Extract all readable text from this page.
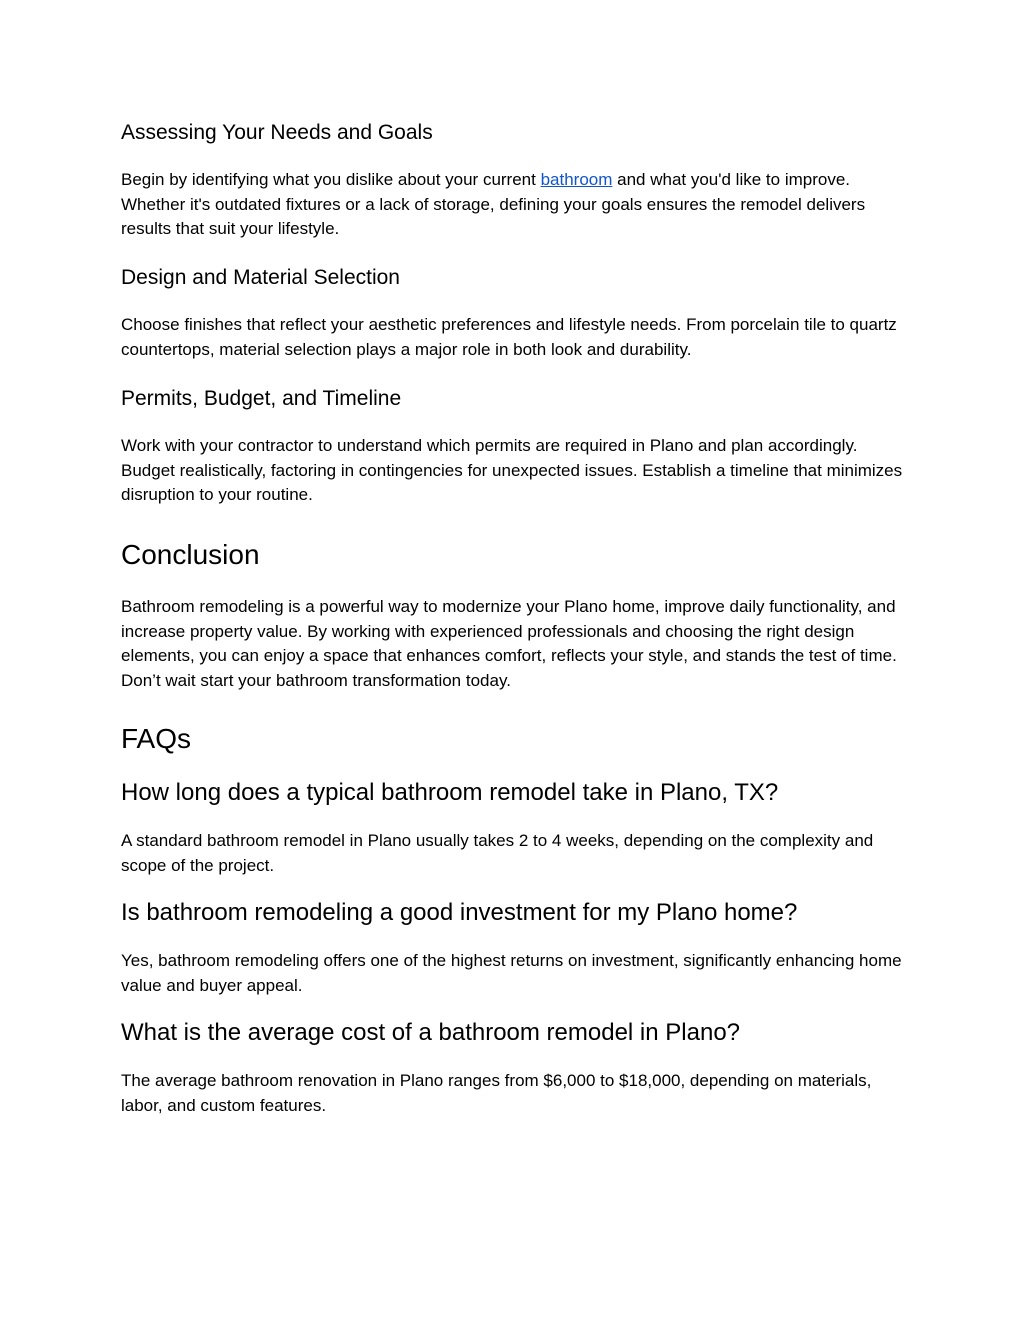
Assessing Your Needs and Goals

Begin by identifying what you dislike about your current bathroom and what you'd like to improve. Whether it's outdated fixtures or a lack of storage, defining your goals ensures the remodel delivers results that suit your lifestyle.

Design and Material Selection

Choose finishes that reflect your aesthetic preferences and lifestyle needs. From porcelain tile to quartz countertops, material selection plays a major role in both look and durability.

Permits, Budget, and Timeline

Work with your contractor to understand which permits are required in Plano and plan accordingly. Budget realistically, factoring in contingencies for unexpected issues. Establish a timeline that minimizes disruption to your routine.

Conclusion

Bathroom remodeling is a powerful way to modernize your Plano home, improve daily functionality, and increase property value. By working with experienced professionals and choosing the right design elements, you can enjoy a space that enhances comfort, reflects your style, and stands the test of time. Don’t wait start your bathroom transformation today.

FAQs
How long does a typical bathroom remodel take in Plano, TX?

A standard bathroom remodel in Plano usually takes 2 to 4 weeks, depending on the complexity and scope of the project.

Is bathroom remodeling a good investment for my Plano home?

Yes, bathroom remodeling offers one of the highest returns on investment, significantly enhancing home value and buyer appeal.

What is the average cost of a bathroom remodel in Plano?

The average bathroom renovation in Plano ranges from $6,000 to $18,000, depending on materials, labor, and custom features.
